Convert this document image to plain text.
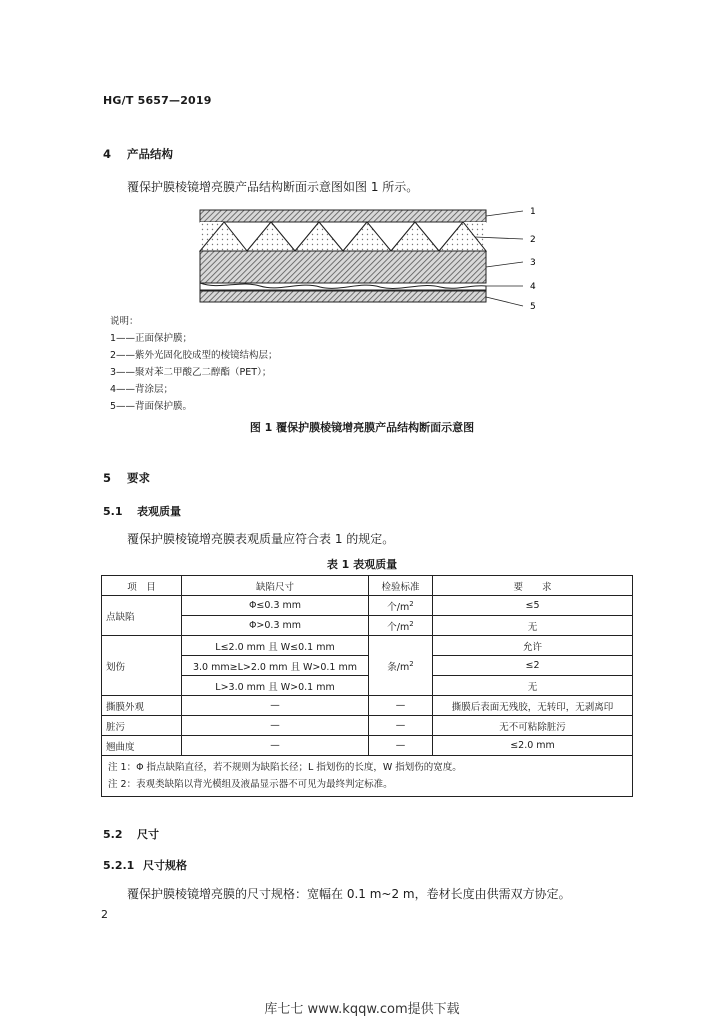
HG/T 5657—2019
4 产品结构
覆保护膜棱镜增亮膜产品结构断面示意图如图 1 所示。
1
2
3
4
5
说明：
1——正面保护膜；
2——紫外光固化胶成型的棱镜结构层；
3——聚对苯二甲酸乙二醇酯（PET）；
4——背涂层；
5——背面保护膜。
图 1 覆保护膜棱镜增亮膜产品结构断面示意图
5 要求
5.1 表观质量
覆保护膜棱镜增亮膜表观质量应符合表 1 的规定。
表 1 表观质量
项　目	缺陷尺寸	检验标准	要　　求
点缺陷	Φ≤0.3 mm	个$/m^2$	≤5
	Φ>0.3 mm	个$/m^2$	无
划伤	L≤2.0 mm 且 W≤0.1 mm	条$/m^2$	允许
	3.0 mm≥L>2.0 mm 且 W>0.1 mm		≤2
	L>3.0 mm 且 W>0.1 mm		无
撕膜外观	—	—	撕膜后表面无残胶，无转印，无剥离印
脏污	—	—	无不可粘除脏污
翘曲度	—	—	≤2.0 mm

注 1：Φ 指点缺陷直径，若不规则为缺陷长径；L 指划伤的长度，W 指划伤的宽度。
注 2：表观类缺陷以背光模组及液晶显示器不可见为最终判定标准。			
5.2 尺寸
5.2.1 尺寸规格
覆保护膜棱镜增亮膜的尺寸规格：宽幅在 0.1 m~2 m，卷材长度由供需双方协定。
2
库七七 www.kqqw.com提供下载
